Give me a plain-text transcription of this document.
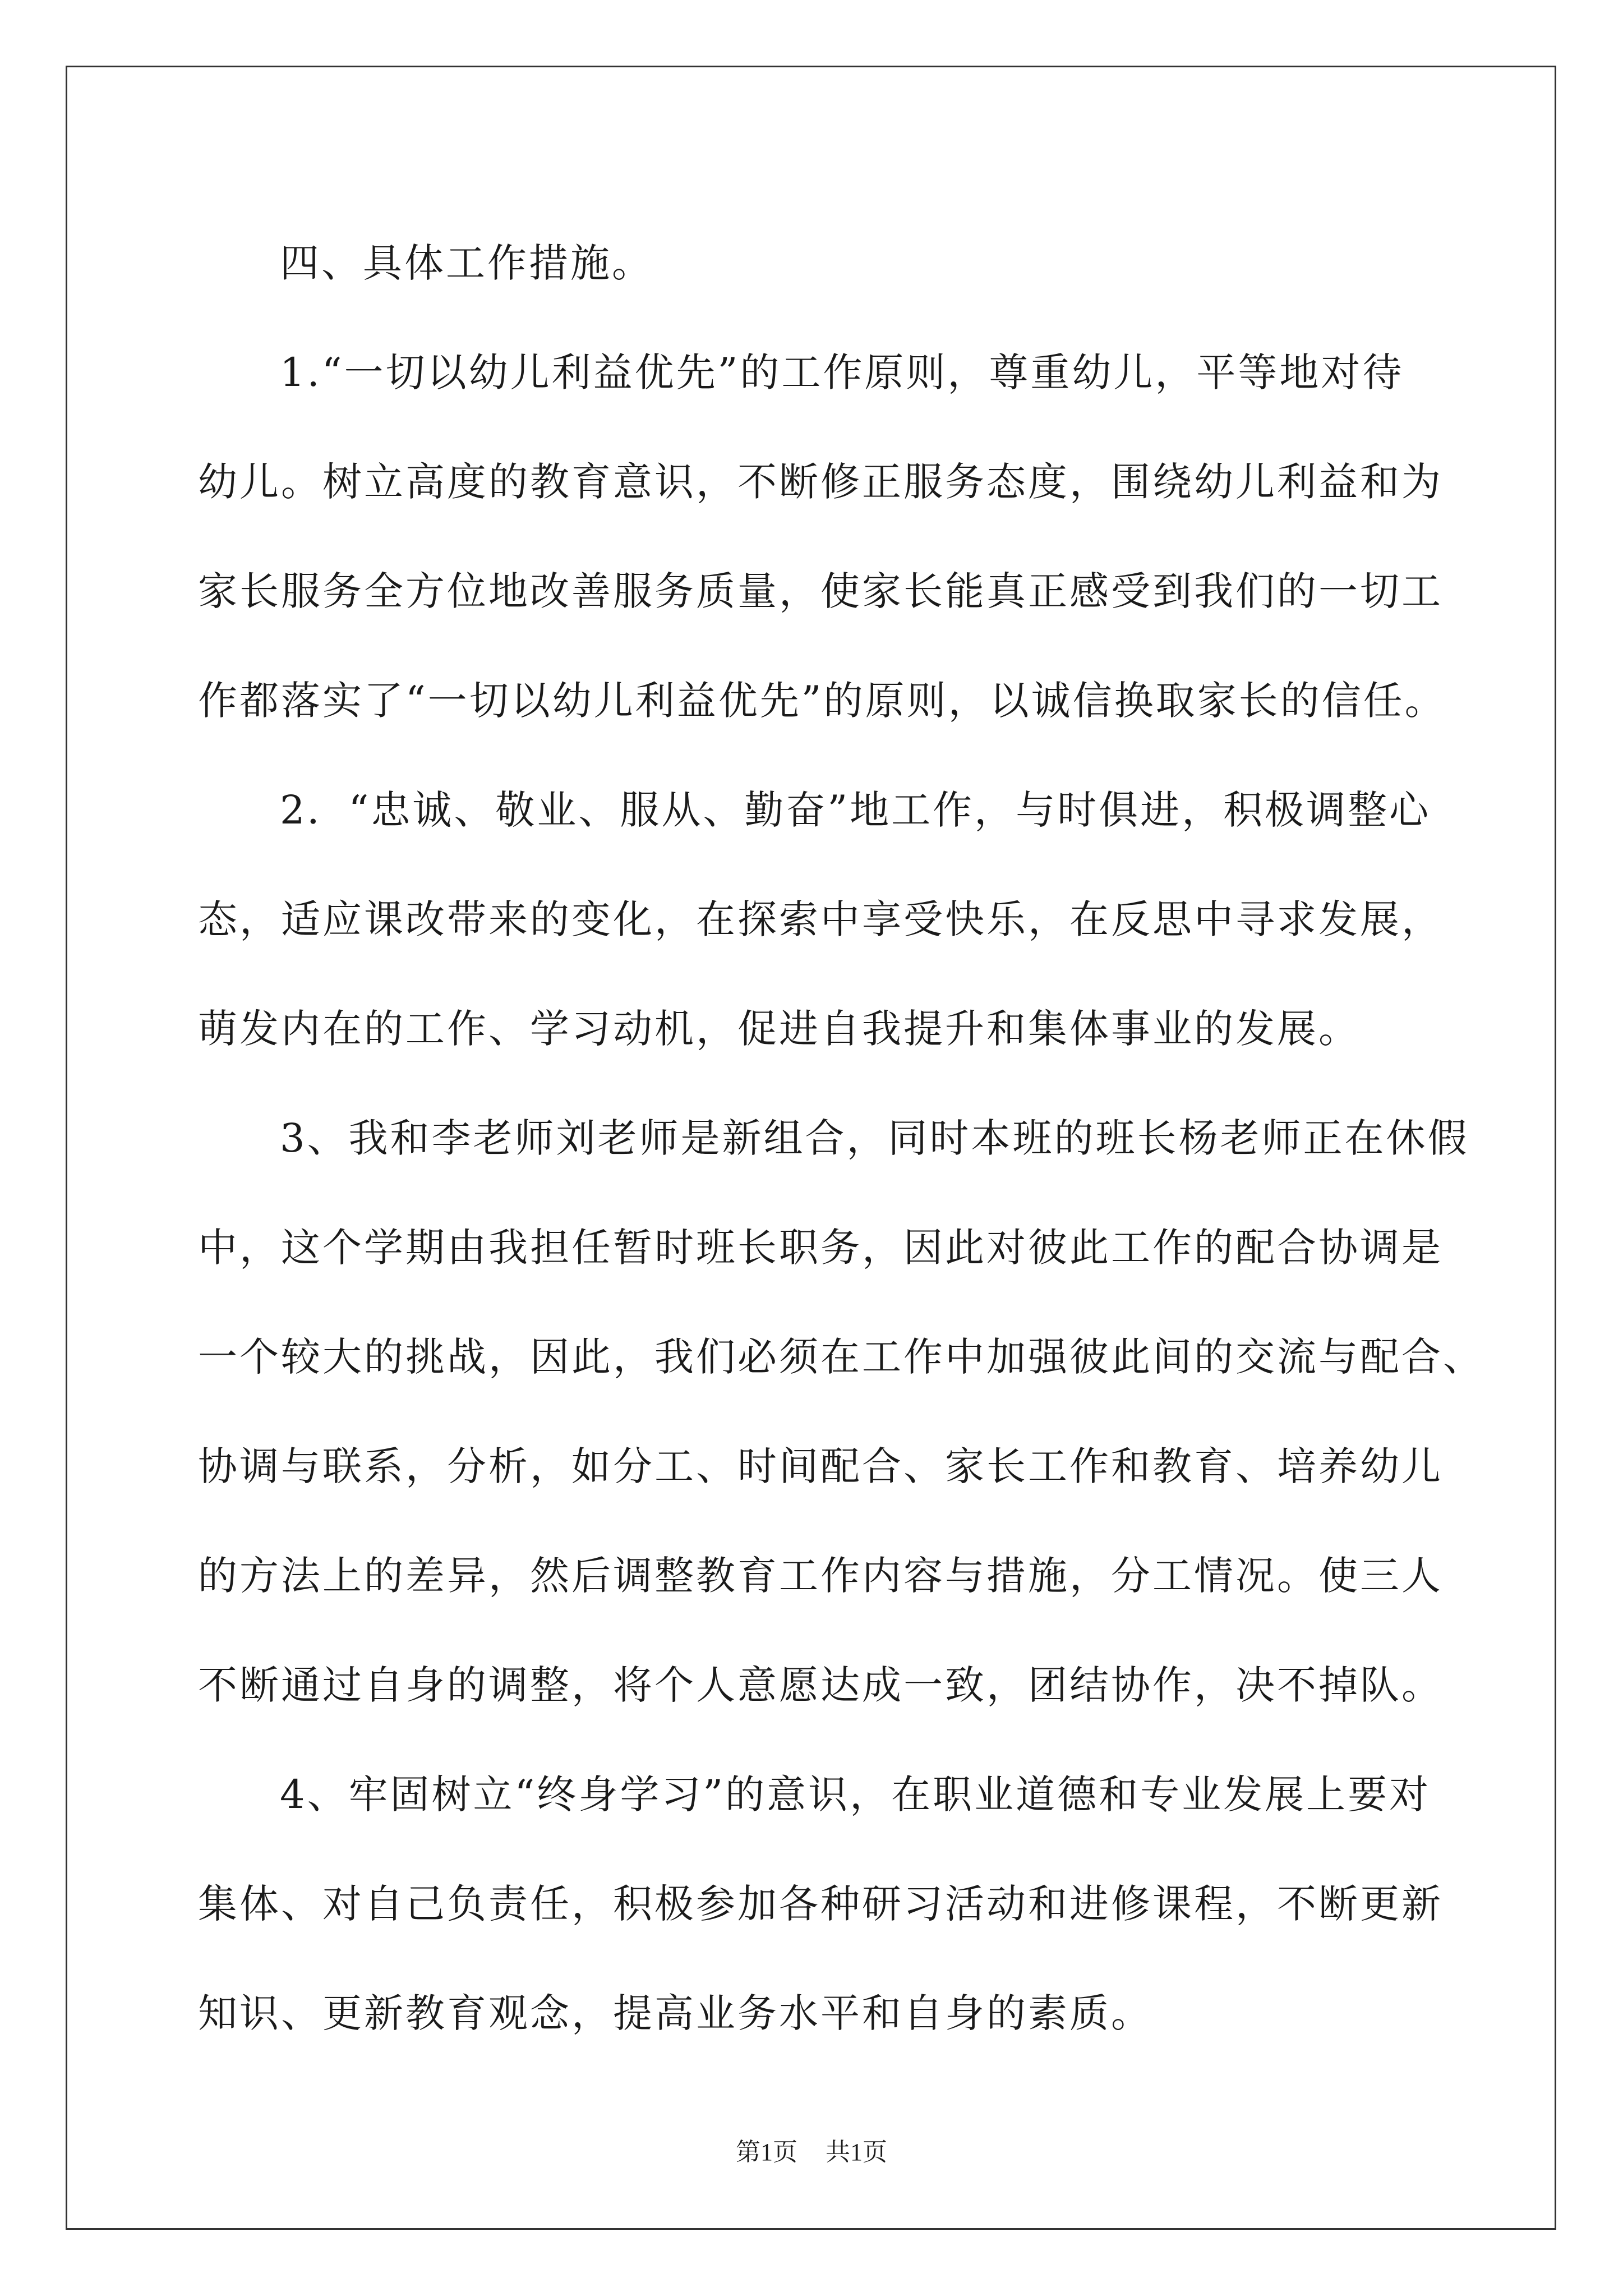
四、具体工作措施。

1.“一切以幼儿利益优先”的工作原则，尊重幼儿，平等地对待
幼儿。树立高度的教育意识，不断修正服务态度，围绕幼儿利益和为
家长服务全方位地改善服务质量，使家长能真正感受到我们的一切工
作都落实了“一切以幼儿利益优先”的原则，以诚信换取家长的信任。

2．“忠诚、敬业、服从、勤奋”地工作，与时俱进，积极调整心
态，适应课改带来的变化，在探索中享受快乐，在反思中寻求发展，
萌发内在的工作、学习动机，促进自我提升和集体事业的发展。

3、我和李老师刘老师是新组合，同时本班的班长杨老师正在休假
中，这个学期由我担任暂时班长职务，因此对彼此工作的配合协调是
一个较大的挑战，因此，我们必须在工作中加强彼此间的交流与配合、
协调与联系，分析，如分工、时间配合、家长工作和教育、培养幼儿
的方法上的差异，然后调整教育工作内容与措施，分工情况。使三人
不断通过自身的调整，将个人意愿达成一致，团结协作，决不掉队。

4、牢固树立“终身学习”的意识，在职业道德和专业发展上要对
集体、对自己负责任，积极参加各种研习活动和进修课程，不断更新
知识、更新教育观念，提高业务水平和自身的素质。

第1页 共1页
